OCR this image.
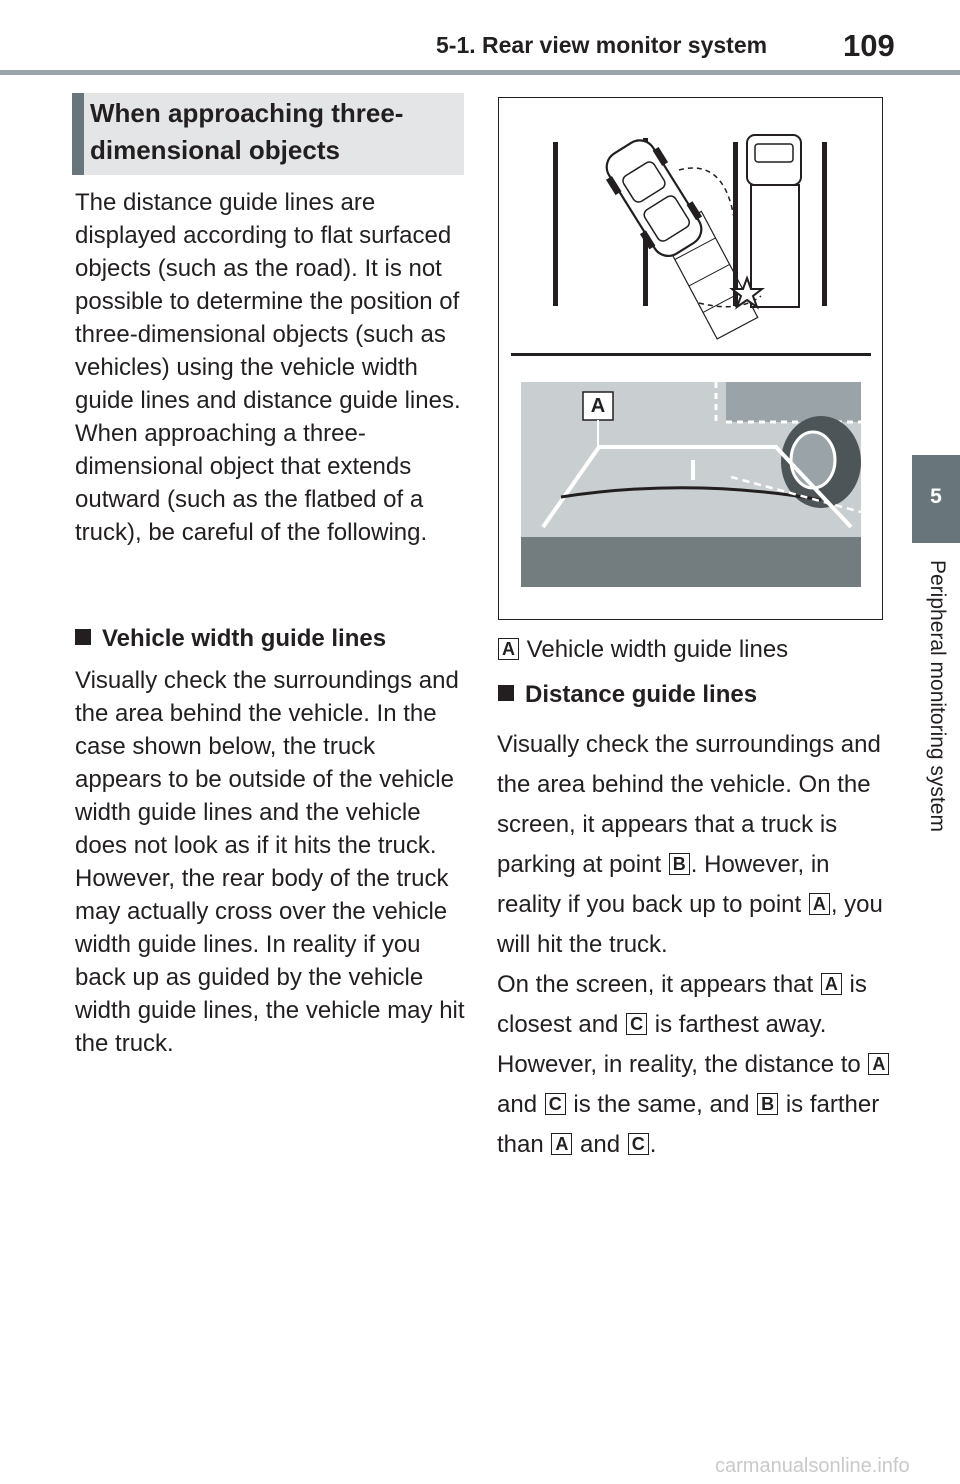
5-1. Rear view monitor system 109
5
Peripheral monitoring system
When approaching three-dimensional objects
The distance guide lines are displayed according to flat surfaced objects (such as the road). It is not possible to determine the position of three-dimensional objects (such as vehicles) using the vehicle width guide lines and distance guide lines. When approaching a three-dimensional object that extends outward (such as the flatbed of a truck), be careful of the following.
Vehicle width guide lines
Visually check the surroundings and the area behind the vehicle. In the case shown below, the truck appears to be outside of the vehicle width guide lines and the vehicle does not look as if it hits the truck. However, the rear body of the truck may actually cross over the vehicle width guide lines. In reality if you back up as guided by the vehicle width guide lines, the vehicle may hit the truck.
A
A Vehicle width guide lines
Distance guide lines
Visually check the surroundings and the area behind the vehicle. On the screen, it appears that a truck is parking at point B . However, in reality if you back up to point A , you will hit the truck.
On the screen, it appears that A is closest and C is farthest away. However, in reality, the distance to A and C is the same, and B is farther than A and C .
carmanualsonline.info
